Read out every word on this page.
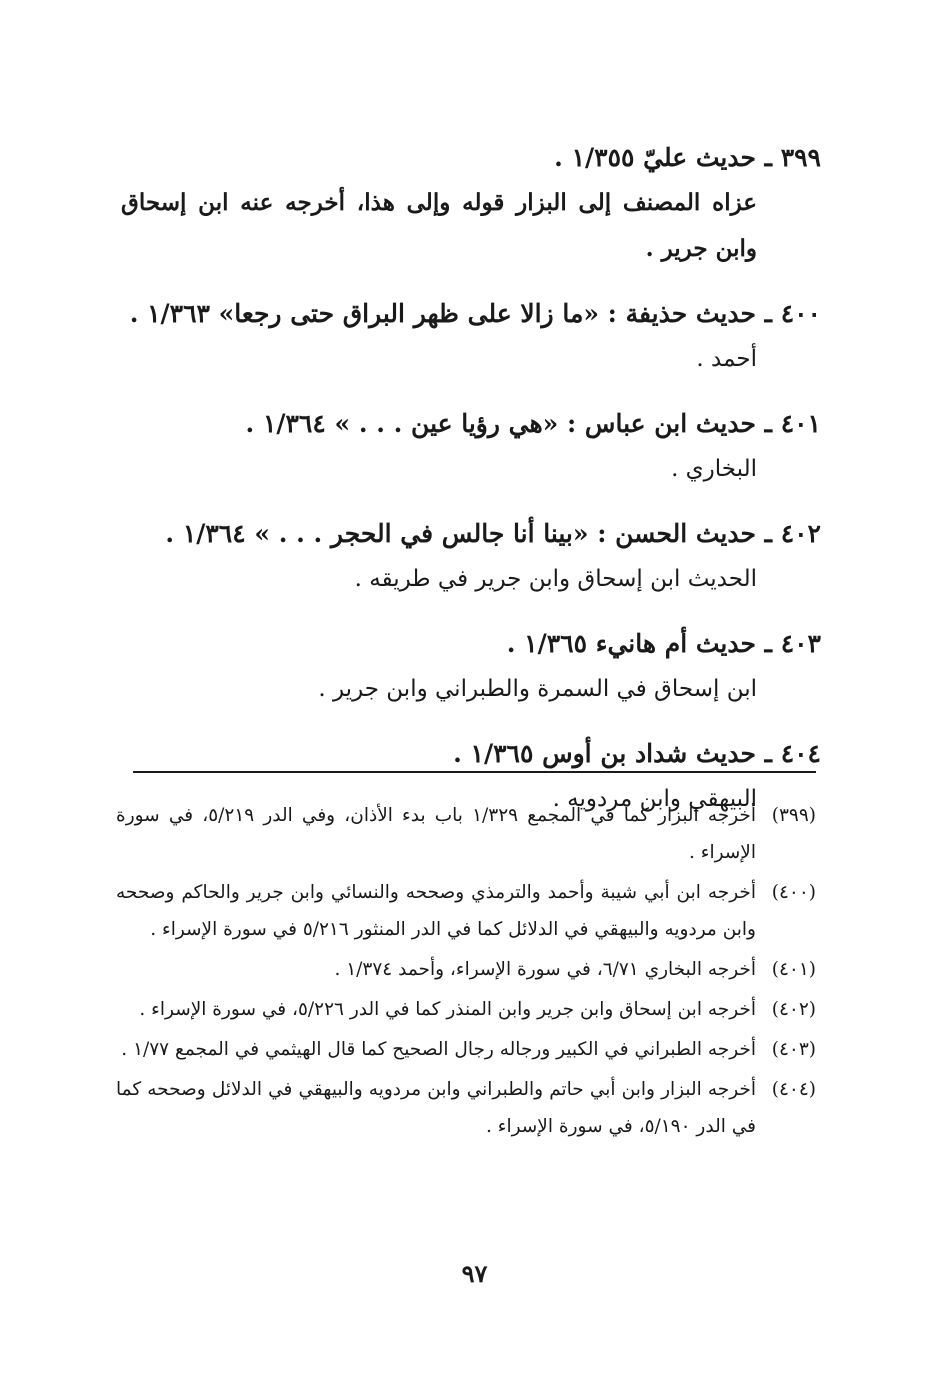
٣٩٩ ـ حديث عليّ ١/٣٥٥ .
عزاه المصنف إلى البزار قوله وإلى هذا، أخرجه عنه ابن إسحاق وابن جرير .
٤٠٠ ـ حديث حذيفة : «ما زالا على ظهر البراق حتى رجعا» ١/٣٦٣ .
أحمد .
٤٠١ ـ حديث ابن عباس : «هي رؤيا عين . . . » ١/٣٦٤ .
البخاري .
٤٠٢ ـ حديث الحسن : «بينا أنا جالس في الحجر . . . » ١/٣٦٤ .
الحديث ابن إسحاق وابن جرير في طريقه .
٤٠٣ ـ حديث أم هانيء ١/٣٦٥ .
ابن إسحاق في السمرة والطبراني وابن جرير .
٤٠٤ ـ حديث شداد بن أوس ١/٣٦٥ .
البيهقي وابن مردويه .
(٣٩٩)
أخرجه البزار كما في المجمع ١/٣٢٩ باب بدء الأذان، وفي الدر ٥/٢١٩، في سورة الإسراء .
(٤٠٠)
أخرجه ابن أبي شيبة وأحمد والترمذي وصححه والنسائي وابن جرير والحاكم وصححه وابن مردويه والبيهقي في الدلائل كما في الدر المنثور ٥/٢١٦ في سورة الإسراء .
(٤٠١)
أخرجه البخاري ٦/٧١، في سورة الإسراء، وأحمد ١/٣٧٤ .
(٤٠٢)
أخرجه ابن إسحاق وابن جرير وابن المنذر كما في الدر ٥/٢٢٦، في سورة الإسراء .
(٤٠٣)
أخرجه الطبراني في الكبير ورجاله رجال الصحيح كما قال الهيثمي في المجمع ١/٧٧ .
(٤٠٤)
أخرجه البزار وابن أبي حاتم والطبراني وابن مردويه والبيهقي في الدلائل وصححه كما في الدر ٥/١٩٠، في سورة الإسراء .
٩٧
